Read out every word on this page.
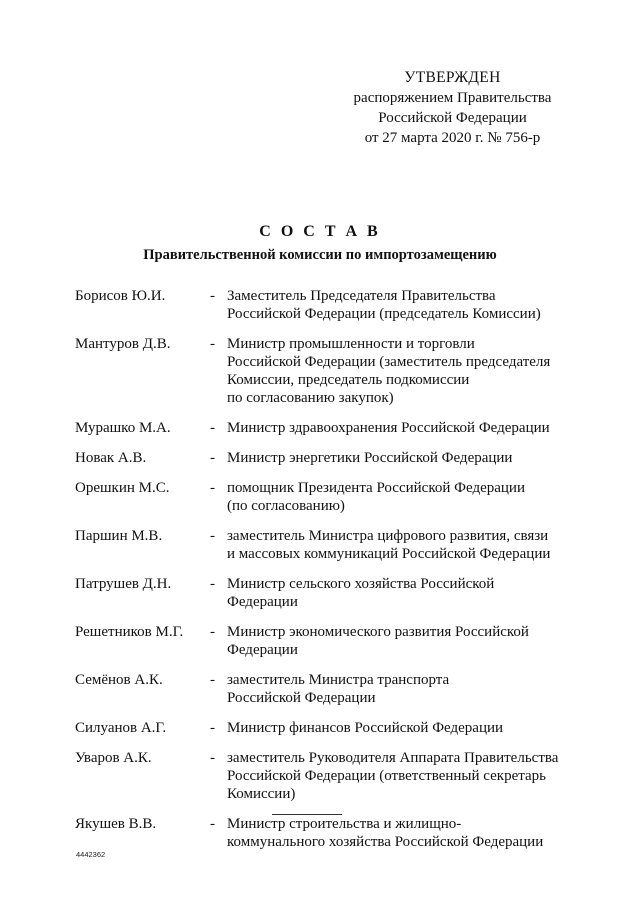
УТВЕРЖДЕН
распоряжением Правительства
Российской Федерации
от 27 марта 2020 г. № 756-р
С О С Т А В
Правительственной комиссии по импортозамещению
Борисов Ю.И.	- Заместитель Председателя Правительства
Российской Федерации (председатель Комиссии)
Мантуров Д.В.	- Министр промышленности и торговли
Российской Федерации (заместитель председателя
Комиссии, председатель подкомиссии
по согласованию закупок)
Мурашко М.А.	- Министр здравоохранения Российской Федерации
Новак А.В.	- Министр энергетики Российской Федерации
Орешкин М.С.	- помощник Президента Российской Федерации
(по согласованию)
Паршин М.В.	- заместитель Министра цифрового развития, связи
и массовых коммуникаций Российской Федерации
Патрушев Д.Н.	- Министр сельского хозяйства Российской
Федерации
Решетников М.Г.	- Министр экономического развития Российской
Федерации
Семёнов А.К.	- заместитель Министра транспорта
Российской Федерации
Силуанов А.Г.	- Министр финансов Российской Федерации
Уваров А.К.	- заместитель Руководителя Аппарата Правительства
Российской Федерации (ответственный секретарь
Комиссии)
Якушев В.В.	- Министр строительства и жилищно-
коммунального хозяйства Российской Федерации
4442362
